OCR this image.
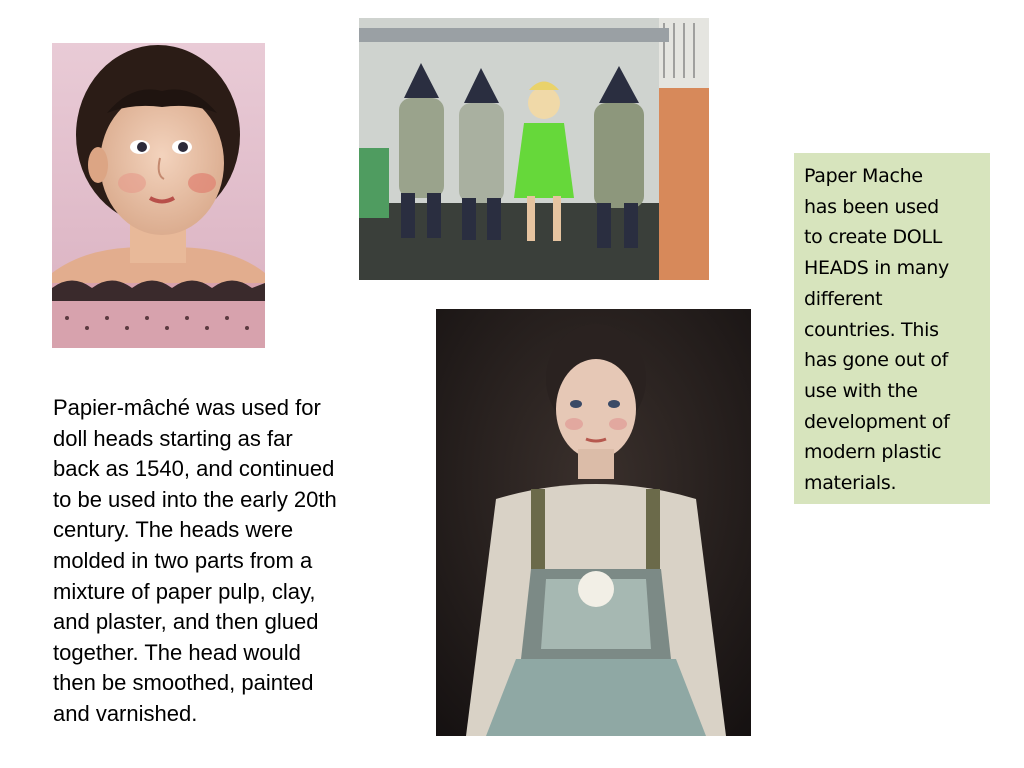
Papier-mâché was used for
doll heads starting as far
back as 1540, and continued
to be used into the early 20th
century. The heads were
molded in two parts from a
mixture of paper pulp, clay,
and plaster, and then glued
together. The head would
then be smoothed, painted
and varnished.
Paper Mache
has been used
to create DOLL
HEADS in many
different
countries. This
has gone out of
use with the
development of
modern plastic
materials.
